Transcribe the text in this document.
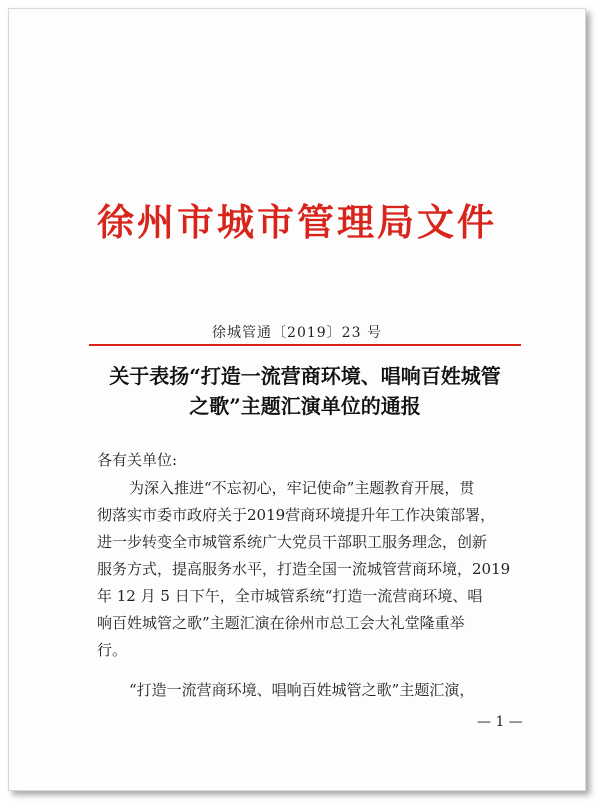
徐州市城市管理局文件
徐城管通〔2019〕23 号
关于表扬“打造一流营商环境、唱响百姓城管
之歌”主题汇演单位的通报
各有关单位:
为深入推进“不忘初心，牢记使命”主题教育开展，贯
彻落实市委市政府关于2019营商环境提升年工作决策部署，
进一步转变全市城管系统广大党员干部职工服务理念，创新
服务方式，提高服务水平，打造全国一流城管营商环境，2019
年 12 月 5 日下午，全市城管系统“打造一流营商环境、唱
响百姓城管之歌”主题汇演在徐州市总工会大礼堂隆重举
行。
“打造一流营商环境、唱响百姓城管之歌”主题汇演，
— 1 —
